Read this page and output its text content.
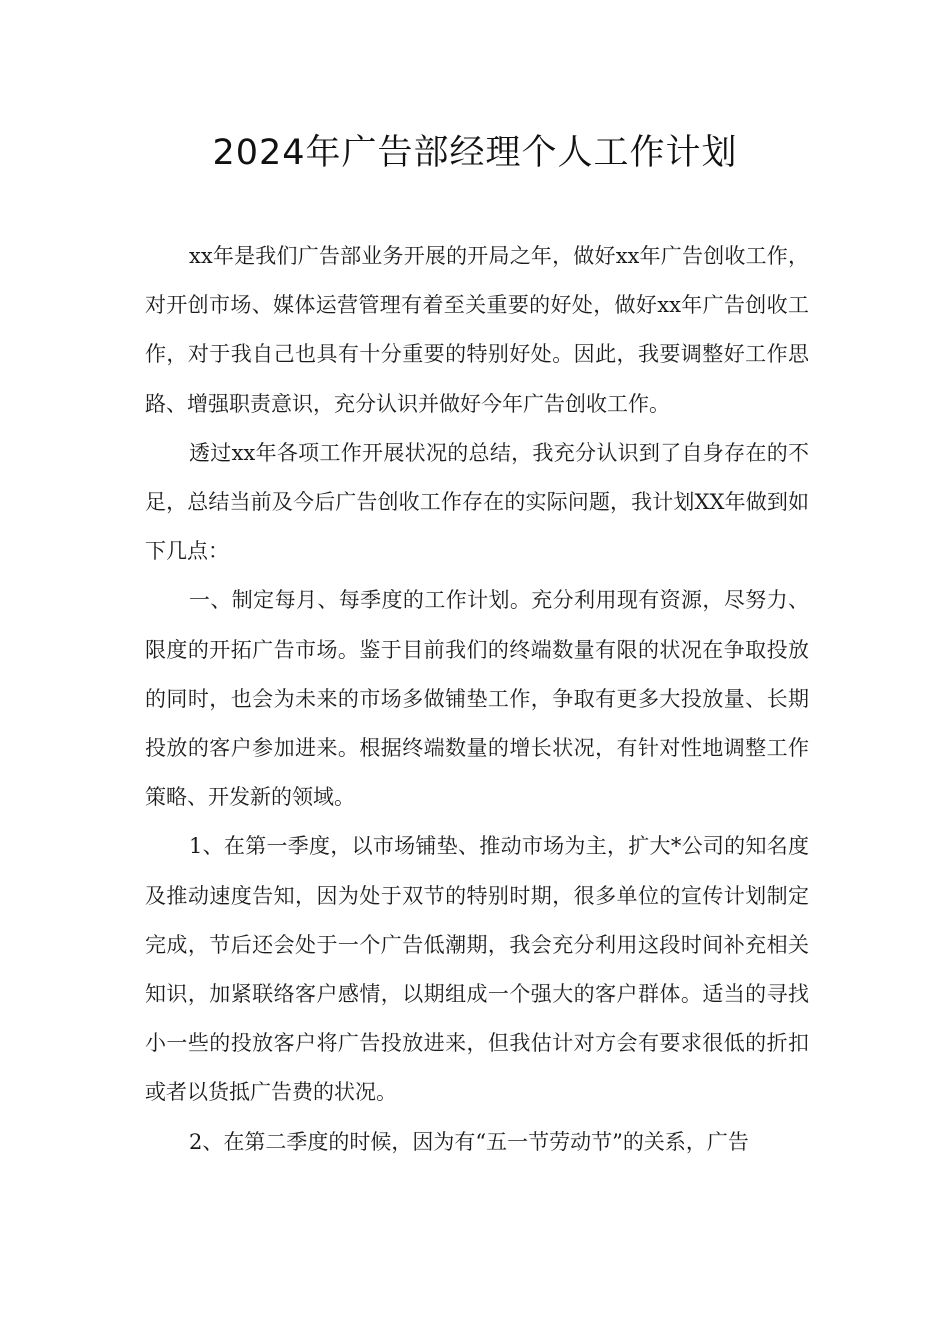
2024年广告部经理个人工作计划

xx年是我们广告部业务开展的开局之年，做好xx年广告创收工作，对开创市场、媒体运营管理有着至关重要的好处，做好xx年广告创收工作，对于我自己也具有十分重要的特别好处。因此，我要调整好工作思路、增强职责意识，充分认识并做好今年广告创收工作。

透过xx年各项工作开展状况的总结，我充分认识到了自身存在的不足，总结当前及今后广告创收工作存在的实际问题，我计划XX年做到如下几点：

一、制定每月、每季度的工作计划。充分利用现有资源，尽努力、限度的开拓广告市场。鉴于目前我们的终端数量有限的状况在争取投放的同时，也会为未来的市场多做铺垫工作，争取有更多大投放量、长期投放的客户参加进来。根据终端数量的增长状况，有针对性地调整工作策略、开发新的领域。

1、在第一季度，以市场铺垫、推动市场为主，扩大*公司的知名度及推动速度告知，因为处于双节的特别时期，很多单位的宣传计划制定完成，节后还会处于一个广告低潮期，我会充分利用这段时间补充相关知识，加紧联络客户感情，以期组成一个强大的客户群体。适当的寻找小一些的投放客户将广告投放进来，但我估计对方会有要求很低的折扣或者以货抵广告费的状况。

2、在第二季度的时候，因为有“五一节劳动节”的关系，广告
